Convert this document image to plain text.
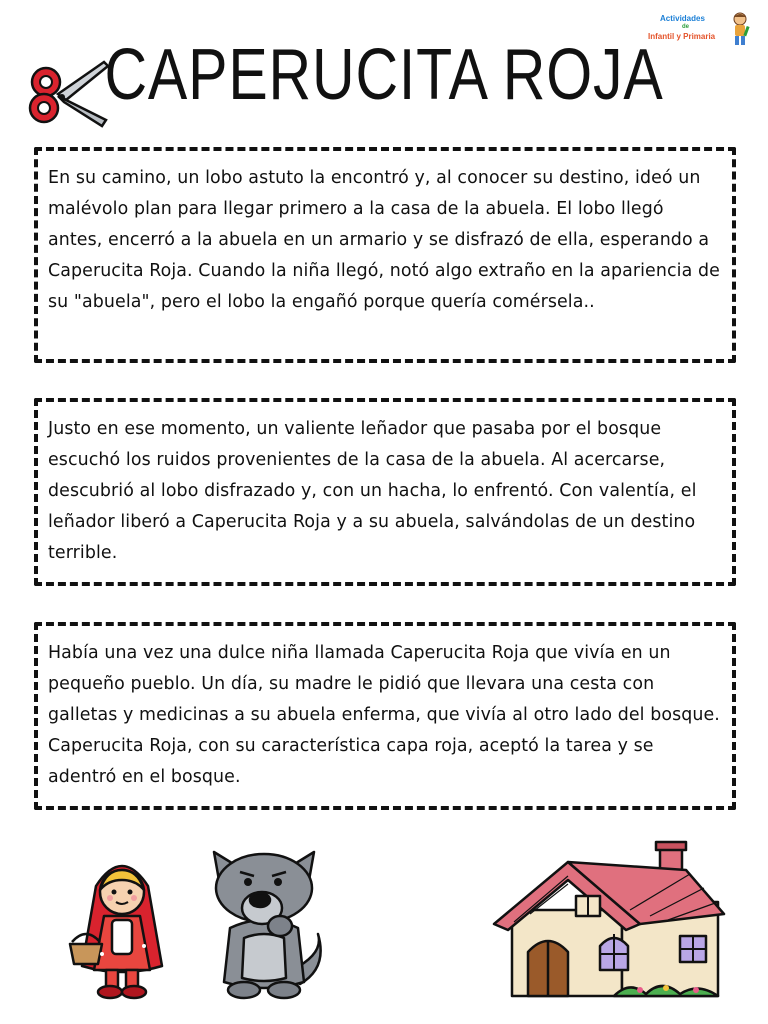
CAPERUCITA ROJA
Actividades
de
Infantil y Primaria

En su camino, un lobo astuto la encontró y, al conocer su destino, ideó un malévolo plan para llegar primero a la casa de la abuela. El lobo llegó antes, encerró a la abuela en un armario y se disfrazó de ella, esperando a Caperucita Roja. Cuando la niña llegó, notó algo extraño en la apariencia de su "abuela", pero el lobo la engañó porque quería comérsela..

Justo en ese momento, un valiente leñador que pasaba por el bosque escuchó los ruidos provenientes de la casa de la abuela. Al acercarse, descubrió al lobo disfrazado y, con un hacha, lo enfrentó. Con valentía, el leñador liberó a Caperucita Roja y a su abuela, salvándolas de un destino terrible.

Había una vez una dulce niña llamada Caperucita Roja que vivía en un pequeño pueblo. Un día, su madre le pidió que llevara una cesta con galletas y medicinas a su abuela enferma, que vivía al otro lado del bosque. Caperucita Roja, con su característica capa roja, aceptó la tarea y se adentró en el bosque.
